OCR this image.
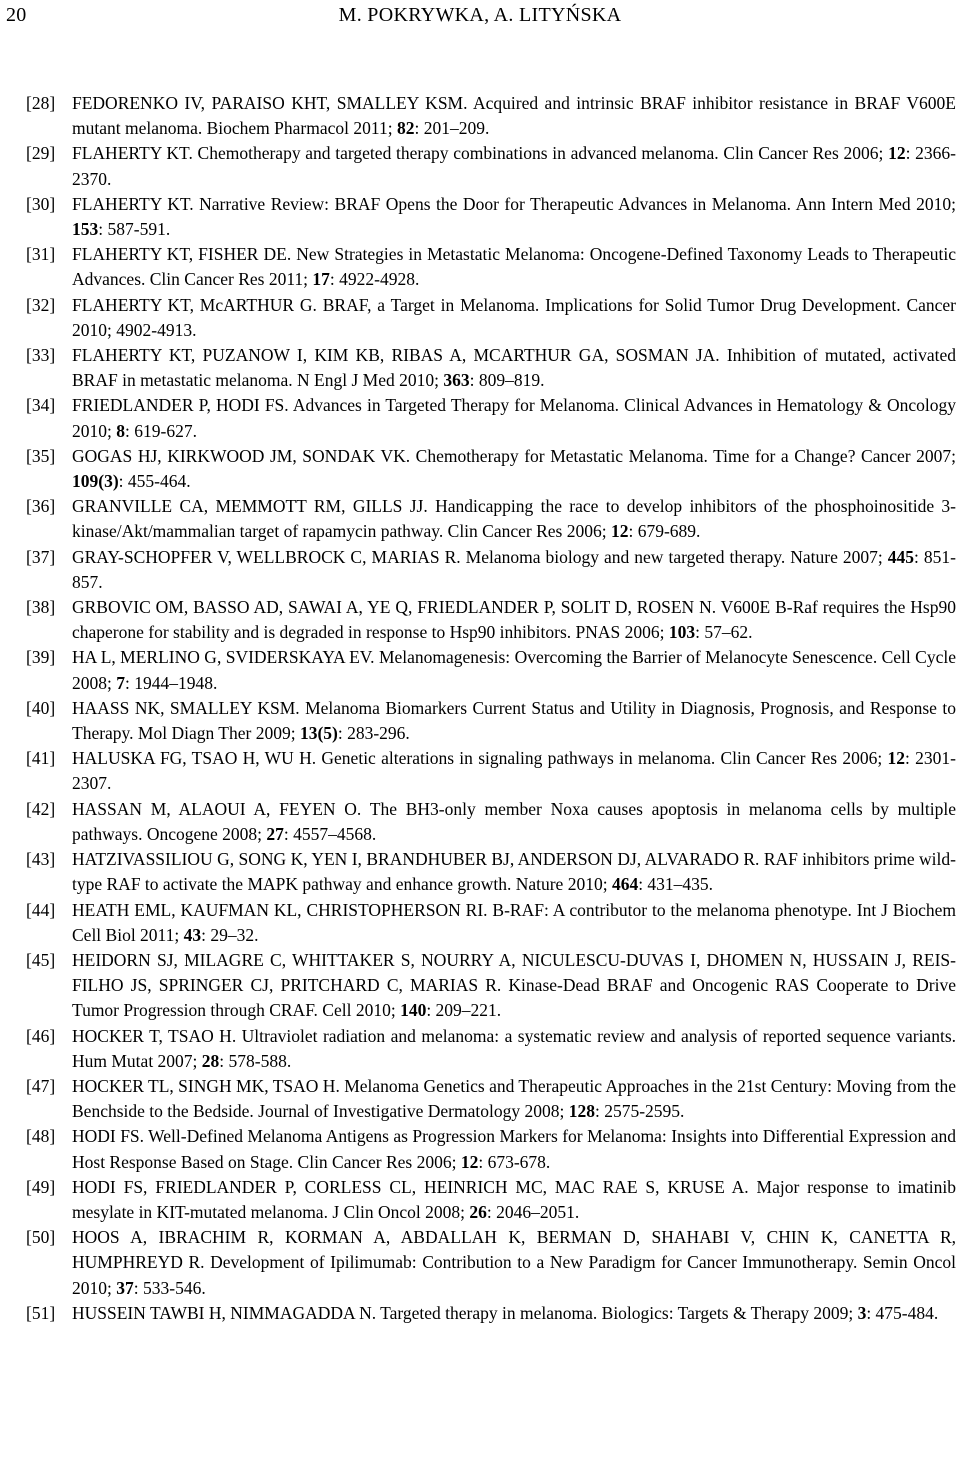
20	M. POKRYWKA, A. LITYŃSKA
[28] FEDORENKO IV, PARAISO KHT, SMALLEY KSM. Acquired and intrinsic BRAF inhibitor resistance in BRAF V600E mutant melanoma. Biochem Pharmacol 2011; 82: 201–209.
[29] FLAHERTY KT. Chemotherapy and targeted therapy combinations in advanced melanoma. Clin Cancer Res 2006; 12: 2366-2370.
[30] FLAHERTY KT. Narrative Review: BRAF Opens the Door for Therapeutic Advances in Melanoma. Ann Intern Med 2010; 153: 587-591.
[31] FLAHERTY KT, FISHER DE. New Strategies in Metastatic Melanoma: Oncogene-Defined Taxonomy Leads to Therapeutic Advances. Clin Cancer Res 2011; 17: 4922-4928.
[32] FLAHERTY KT, McARTHUR G. BRAF, a Target in Melanoma. Implications for Solid Tumor Drug Development. Cancer 2010; 4902-4913.
[33] FLAHERTY KT, PUZANOW I, KIM KB, RIBAS A, MCARTHUR GA, SOSMAN JA. Inhibition of mutated, activated BRAF in metastatic melanoma. N Engl J Med 2010; 363: 809–819.
[34] FRIEDLANDER P, HODI FS. Advances in Targeted Therapy for Melanoma. Clinical Advances in Hematology & Oncology 2010; 8: 619-627.
[35] GOGAS HJ, KIRKWOOD JM, SONDAK VK. Chemotherapy for Metastatic Melanoma. Time for a Change? Cancer 2007; 109(3): 455-464.
[36] GRANVILLE CA, MEMMOTT RM, GILLS JJ. Handicapping the race to develop inhibitors of the phosphoinositide 3-kinase/Akt/mammalian target of rapamycin pathway. Clin Cancer Res 2006; 12: 679-689.
[37] GRAY-SCHOPFER V, WELLBROCK C, MARIAS R. Melanoma biology and new targeted therapy. Nature 2007; 445: 851-857.
[38] GRBOVIC OM, BASSO AD, SAWAI A, YE Q, FRIEDLANDER P, SOLIT D, ROSEN N. V600E B-Raf requires the Hsp90 chaperone for stability and is degraded in response to Hsp90 inhibitors. PNAS 2006; 103: 57–62.
[39] HA L, MERLINO G, SVIDERSKAYA EV. Melanomagenesis: Overcoming the Barrier of Melanocyte Senescence. Cell Cycle 2008; 7: 1944–1948.
[40] HAASS NK, SMALLEY KSM. Melanoma Biomarkers Current Status and Utility in Diagnosis, Prognosis, and Response to Therapy. Mol Diagn Ther 2009; 13(5): 283-296.
[41] HALUSKA FG, TSAO H, WU H. Genetic alterations in signaling pathways in melanoma. Clin Cancer Res 2006; 12: 2301-2307.
[42] HASSAN M, ALAOUI A, FEYEN O. The BH3-only member Noxa causes apoptosis in melanoma cells by multiple pathways. Oncogene 2008; 27: 4557–4568.
[43] HATZIVASSILIOU G, SONG K, YEN I, BRANDHUBER BJ, ANDERSON DJ, ALVARADO R. RAF inhibitors prime wild-type RAF to activate the MAPK pathway and enhance growth. Nature 2010; 464: 431–435.
[44] HEATH EML, KAUFMAN KL, CHRISTOPHERSON RI. B-RAF: A contributor to the melanoma phenotype. Int J Biochem Cell Biol 2011; 43: 29–32.
[45] HEIDORN SJ, MILAGRE C, WHITTAKER S, NOURRY A, NICULESCU-DUVAS I, DHOMEN N, HUSSAIN J, REIS-FILHO JS, SPRINGER CJ, PRITCHARD C, MARIAS R. Kinase-Dead BRAF and Oncogenic RAS Cooperate to Drive Tumor Progression through CRAF. Cell 2010; 140: 209–221.
[46] HOCKER T, TSAO H. Ultraviolet radiation and melanoma: a systematic review and analysis of reported sequence variants. Hum Mutat 2007; 28: 578-588.
[47] HOCKER TL, SINGH MK, TSAO H. Melanoma Genetics and Therapeutic Approaches in the 21st Century: Moving from the Benchside to the Bedside. Journal of Investigative Dermatology 2008; 128: 2575-2595.
[48] HODI FS. Well-Defined Melanoma Antigens as Progression Markers for Melanoma: Insights into Differential Expression and Host Response Based on Stage. Clin Cancer Res 2006; 12: 673-678.
[49] HODI FS, FRIEDLANDER P, CORLESS CL, HEINRICH MC, MAC RAE S, KRUSE A. Major response to imatinib mesylate in KIT-mutated melanoma. J Clin Oncol 2008; 26: 2046–2051.
[50] HOOS A, IBRACHIM R, KORMAN A, ABDALLAH K, BERMAN D, SHAHABI V, CHIN K, CANETTA R, HUMPHREYD R. Development of Ipilimumab: Contribution to a New Paradigm for Cancer Immunotherapy. Semin Oncol 2010; 37: 533-546.
[51] HUSSEIN TAWBI H, NIMMAGADDA N. Targeted therapy in melanoma. Biologics: Targets & Therapy 2009; 3: 475-484.
